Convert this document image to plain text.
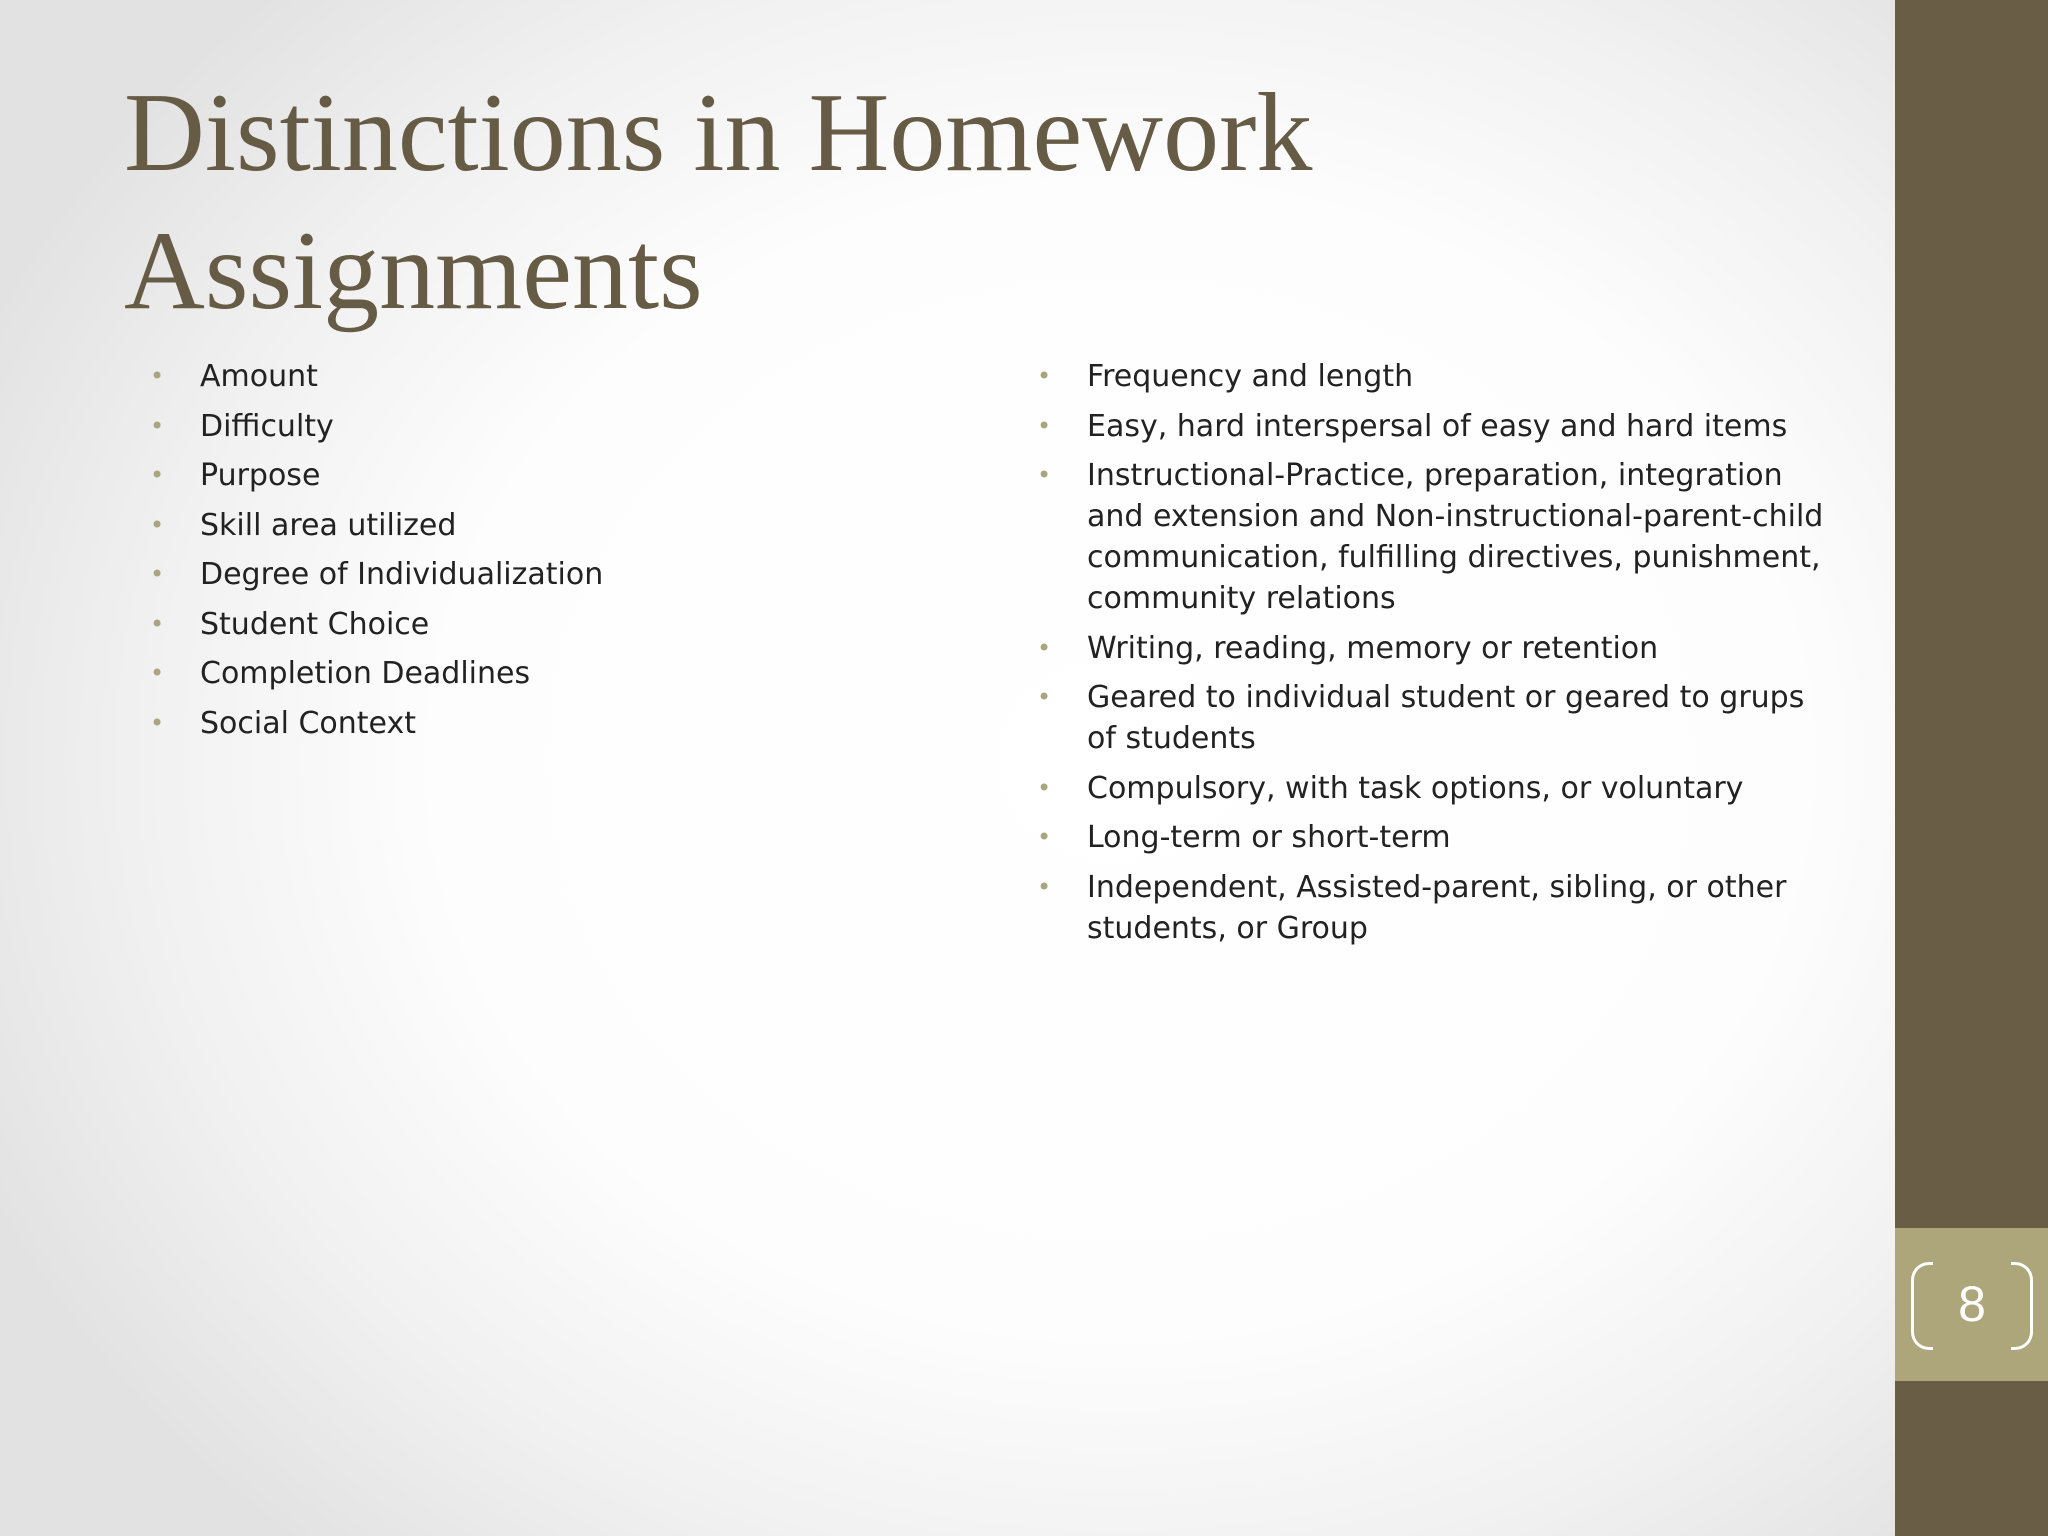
8
Distinctions in Homework
Assignments
• Amount
• Difficulty
• Purpose
• Skill area utilized
• Degree of Individualization
• Student Choice
• Completion Deadlines
• Social Context
• Frequency and length
• Easy, hard interspersal of easy and hard items
• Instructional-Practice, preparation, integration and extension and Non-instructional-parent-child communication, fulfilling directives, punishment, community relations
• Writing, reading, memory or retention
• Geared to individual student or geared to grups of students
• Compulsory, with task options, or voluntary
• Long-term or short-term
• Independent, Assisted-parent, sibling, or other students, or Group
